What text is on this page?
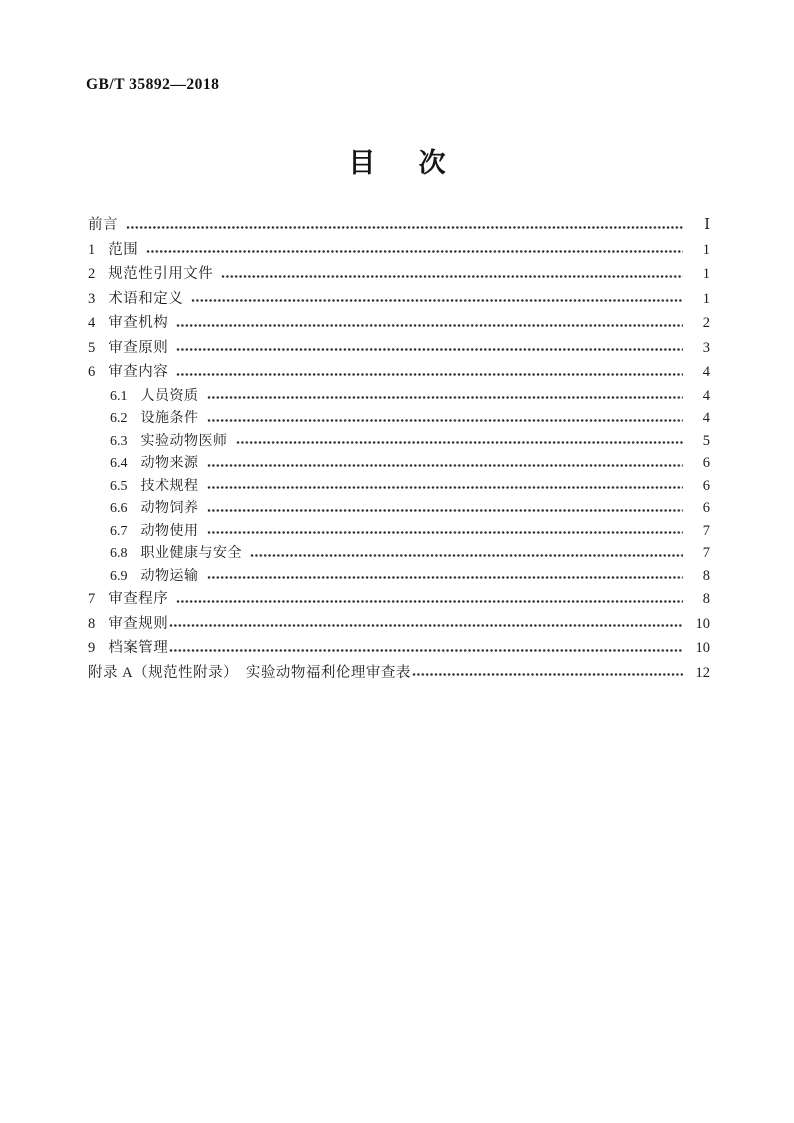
GB/T 35892—2018
目　次
前言	Ⅰ
1 范围	1
2 规范性引用文件	1
3 术语和定义	1
4 审查机构	2
5 审查原则	3
6 审查内容	4
6.1 人员资质	4
6.2 设施条件	4
6.3 实验动物医师	5
6.4 动物来源	6
6.5 技术规程	6
6.6 动物饲养	6
6.7 动物使用	7
6.8 职业健康与安全	7
6.9 动物运输	8
7 审查程序	8
8 审查规则	10
9 档案管理	10
附录 A（规范性附录）　实验动物福利伦理审查表	12
